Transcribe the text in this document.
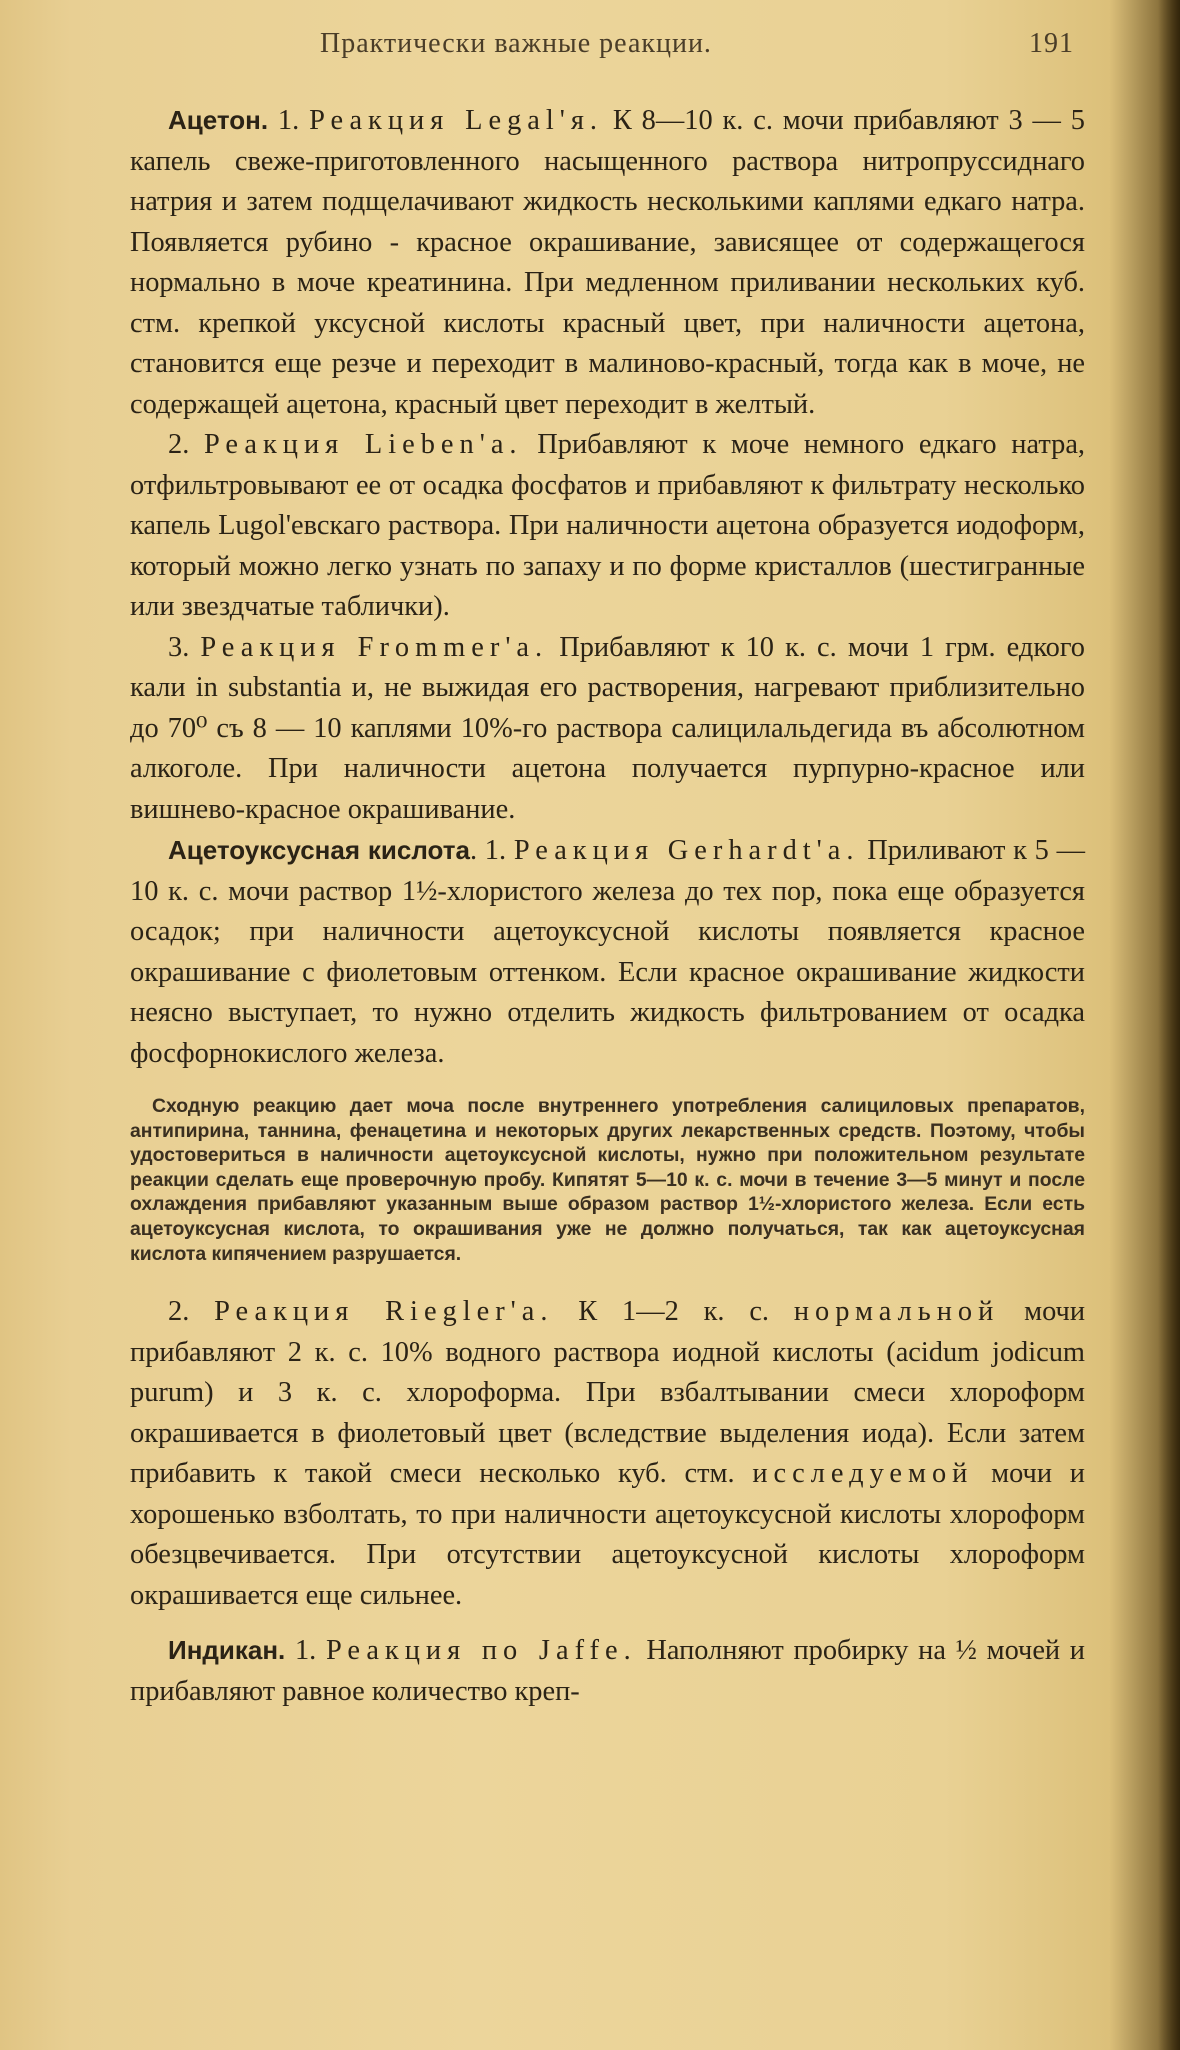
Практически важные реакции.	191

Ацетон. 1. Реакция Legal'я. К 8—10 к. с. мочи прибавляют 3 — 5 капель свеже-приготовленного насыщенного раствора нитропруссиднаго натрия и затем подщелачивают жидкость несколькими каплями едкаго натра. Появляется рубино - красное окрашивание, зависящее от содержащегося нормально в моче креатинина. При медленном приливании нескольких куб. стм. крепкой уксусной кислоты красный цвет, при наличности ацетона, становится еще резче и переходит в малиново-красный, тогда как в моче, не содержащей ацетона, красный цвет переходит в желтый.

2. Реакция Lieben'a. Прибавляют к моче немного едкаго натра, отфильтровывают ее от осадка фосфатов и прибавляют к фильтрату несколько капель Lugol'евскаго раствора. При наличности ацетона образуется иодоформ, который можно легко узнать по запаху и по форме кристаллов (шестигранные или звездчатые таблички).

3. Реакция Frommer'a. Прибавляют к 10 к. с. мочи 1 грм. едкого кали in substantia и, не выжидая его растворения, нагревают приблизительно до 70⁰ съ 8 — 10 каплями 10%-го раствора салицилальдегида въ абсолютном алкоголе. При наличности ацетона получается пурпурно-красное или вишнево-красное окрашивание.

Ацетоуксусная кислота. 1. Реакция Gerhardt'a. Приливают к 5 — 10 к. с. мочи раствор 1½-хлористого железа до тех пор, пока еще образуется осадок; при наличности ацетоуксусной кислоты появляется красное окрашивание с фиолетовым оттенком. Если красное окрашивание жидкости неясно выступает, то нужно отделить жидкость фильтрованием от осадка фосфорнокислого железа.

Сходную реакцию дает моча после внутреннего употребления салициловых препаратов, антипирина, таннина, фенацетина и некоторых других лекарственных средств. Поэтому, чтобы удостовериться в наличности ацетоуксусной кислоты, нужно при положительном результате реакции сделать еще проверочную пробу. Кипятят 5—10 к. с. мочи в течение 3—5 минут и после охлаждения прибавляют указанным выше образом раствор 1½-хлористого железа. Если есть ацетоуксусная кислота, то окрашивания уже не должно получаться, так как ацетоуксусная кислота кипячением разрушается.

2. Реакция Riegler'a. К 1—2 к. с. нормальной мочи прибавляют 2 к. с. 10% водного раствора иодной кислоты (acidum jodicum purum) и 3 к. с. хлороформа. При взбалтывании смеси хлороформ окрашивается в фиолетовый цвет (вследствие выделения иода). Если затем прибавить к такой смеси несколько куб. стм. исследуемой мочи и хорошенько взболтать, то при наличности ацетоуксусной кислоты хлороформ обезцвечивается. При отсутствии ацетоуксусной кислоты хлороформ окрашивается еще сильнее.

Индикан. 1. Реакция по Jaffe. Наполняют пробирку на ½ мочей и прибавляют равное количество креп-
